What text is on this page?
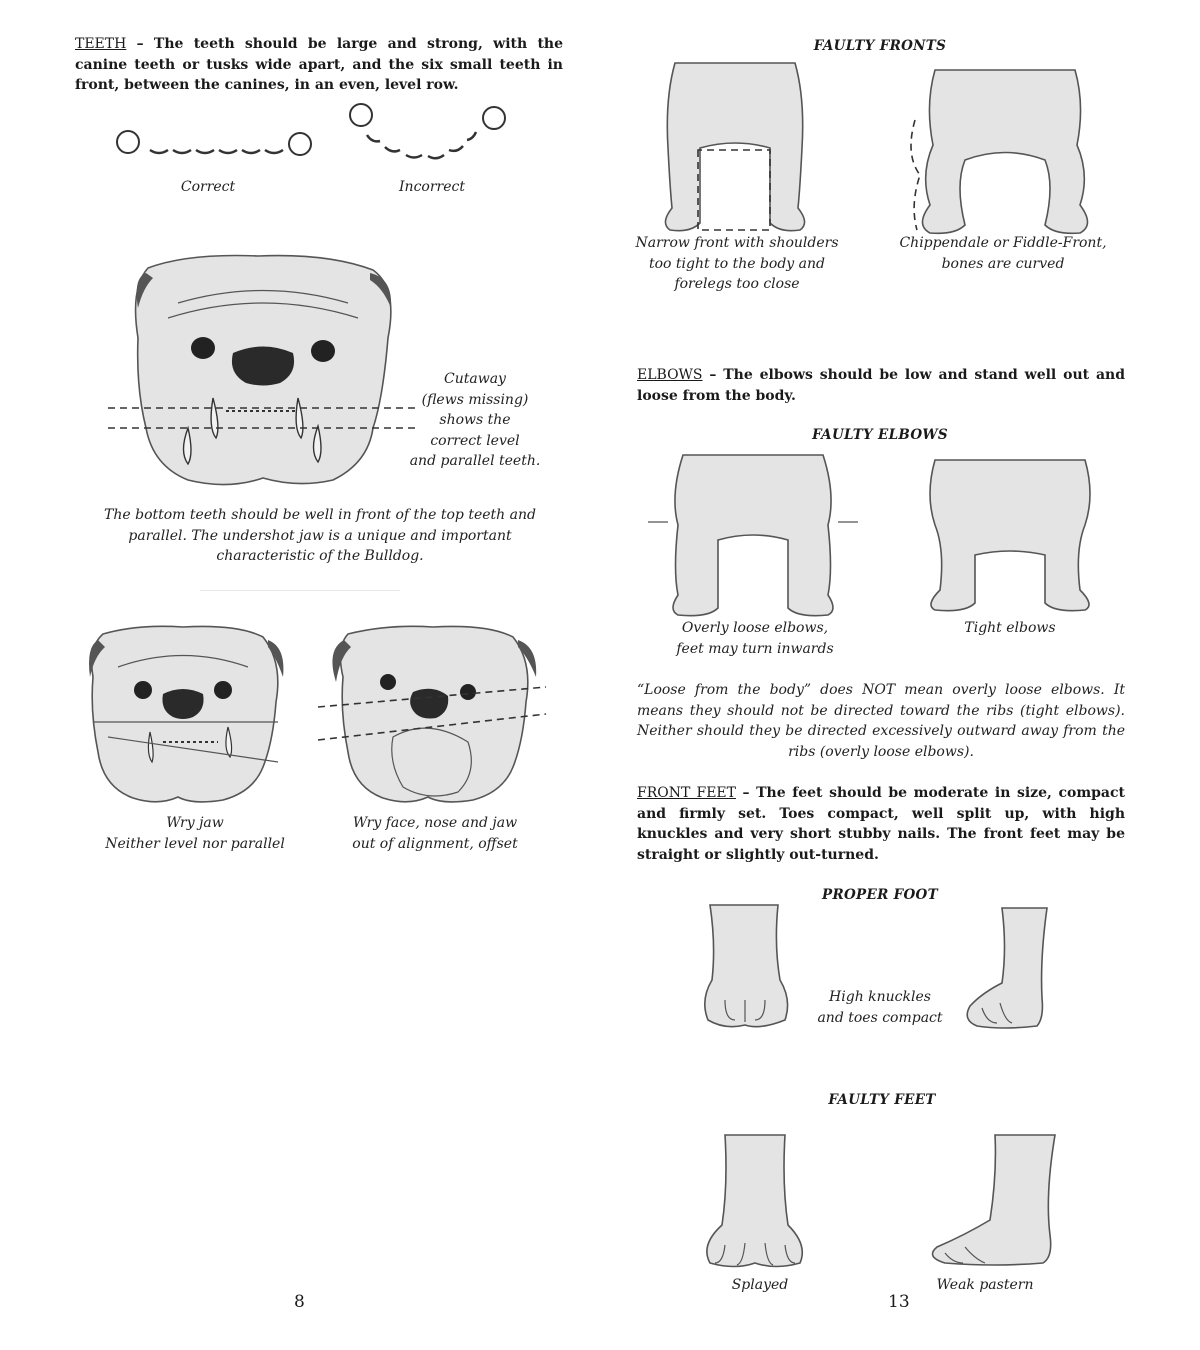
TEETH – The teeth should be large and strong, with the canine teeth or tusks wide apart, and the six small teeth in front, between the canines, in an even, level row.
Correct	Incorrect
Cutaway
(flews missing)
shows the
correct level
and parallel teeth.
The bottom teeth should be well in front of the top teeth and
parallel. The undershot jaw is a unique and important
characteristic of the Bulldog.
Wry jaw
Neither level nor parallel
Wry face, nose and jaw
out of alignment, offset
8
FAULTY FRONTS
Narrow front with shoulders
too tight to the body and
forelegs too close
Chippendale or Fiddle-Front,
bones are curved
ELBOWS – The elbows should be low and stand well out and loose from the body.
FAULTY ELBOWS
Overly loose elbows,
feet may turn inwards
Tight elbows
“Loose from the body” does NOT mean overly loose elbows. It means they should not be directed toward the ribs (tight elbows). Neither should they be directed excessively outward away from the ribs (overly loose elbows).
FRONT FEET – The feet should be moderate in size, compact and firmly set. Toes compact, well split up, with high knuckles and very short stubby nails. The front feet may be straight or slightly out-turned.
PROPER FOOT
High knuckles
and toes compact
FAULTY FEET
Splayed	Weak pastern
13
